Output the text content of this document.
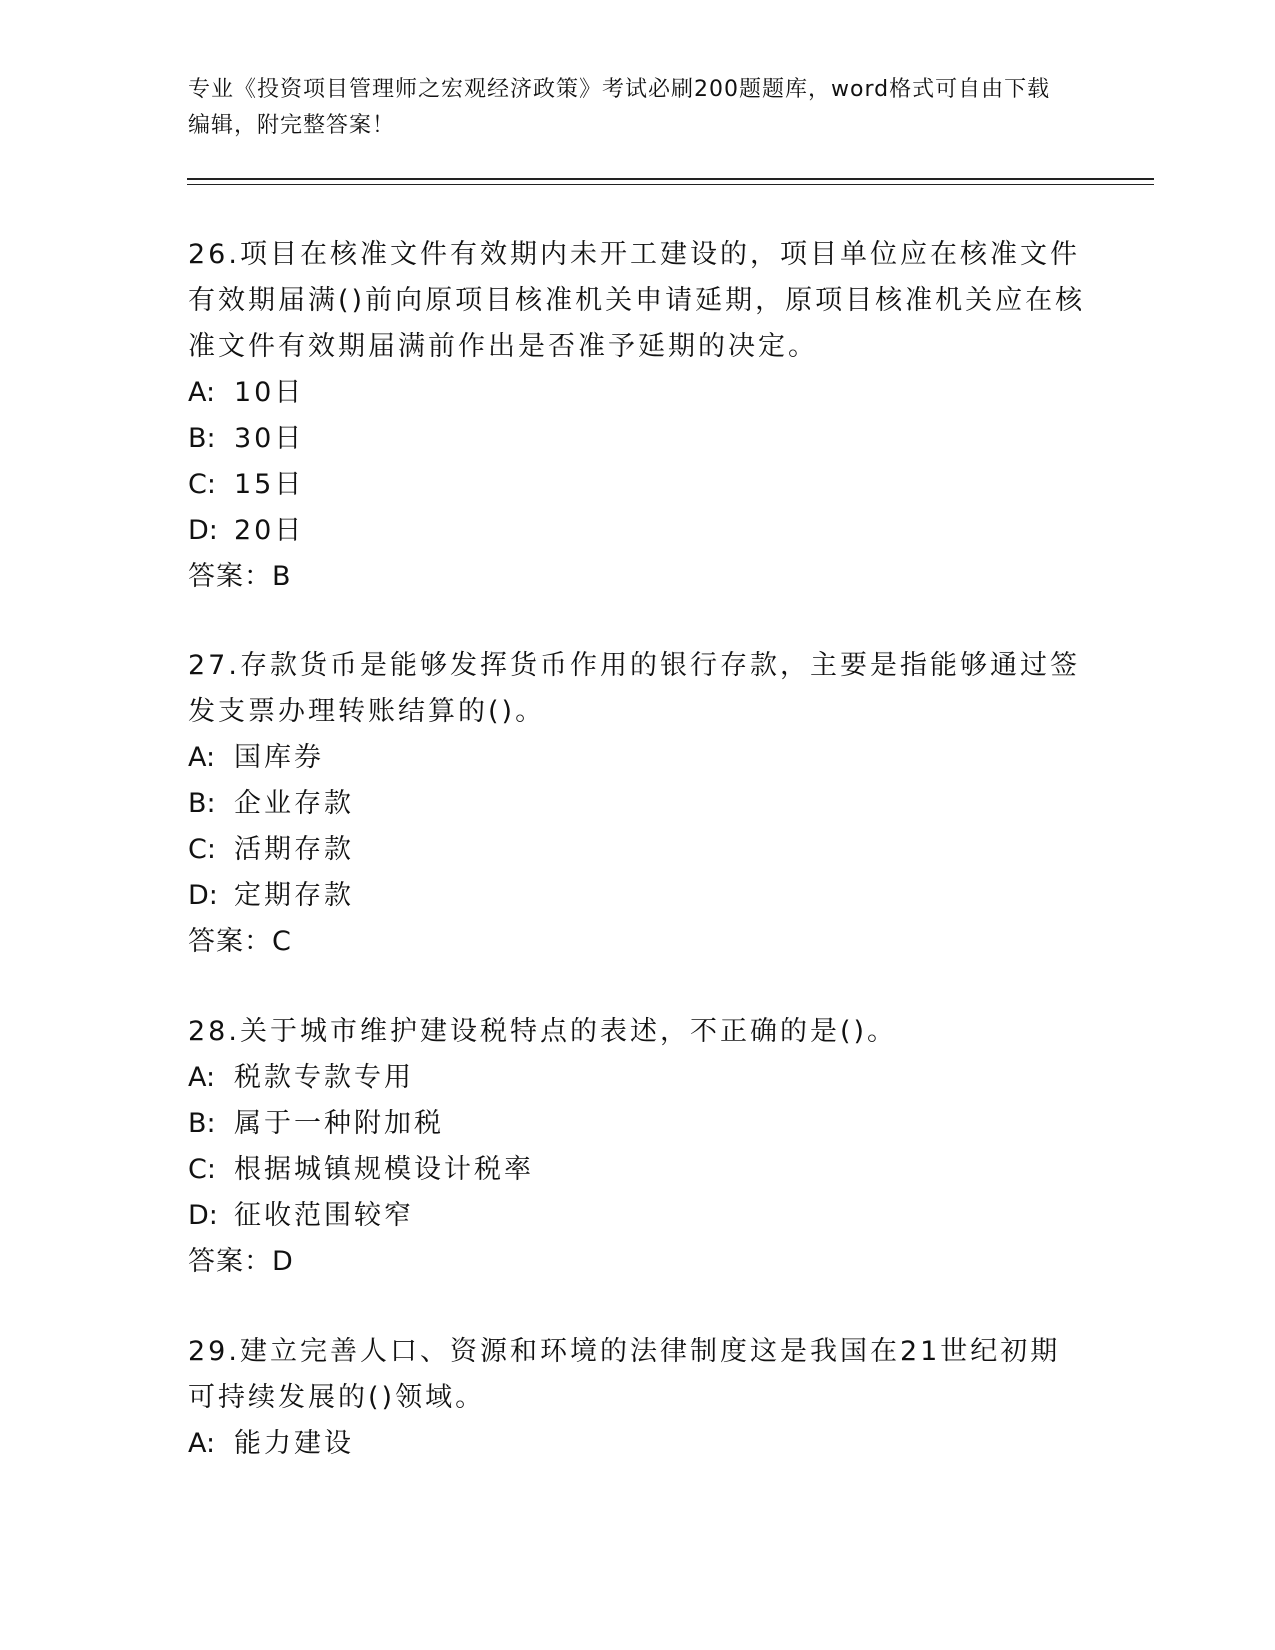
专业《投资项目管理师之宏观经济政策》考试必刷200题题库，word格式可自由下载编辑，附完整答案！

26.项目在核准文件有效期内未开工建设的，项目单位应在核准文件有效期届满()前向原项目核准机关申请延期，原项目核准机关应在核准文件有效期届满前作出是否准予延期的决定。

A: 10日

B: 30日

C: 15日

D: 20日

答案：B

27.存款货币是能够发挥货币作用的银行存款，主要是指能够通过签发支票办理转账结算的()。

A: 国库券

B: 企业存款

C: 活期存款

D: 定期存款

答案：C

28.关于城市维护建设税特点的表述，不正确的是()。

A: 税款专款专用

B: 属于一种附加税

C: 根据城镇规模设计税率

D: 征收范围较窄

答案：D

29.建立完善人口、资源和环境的法律制度这是我国在21世纪初期可持续发展的()领域。

A: 能力建设
